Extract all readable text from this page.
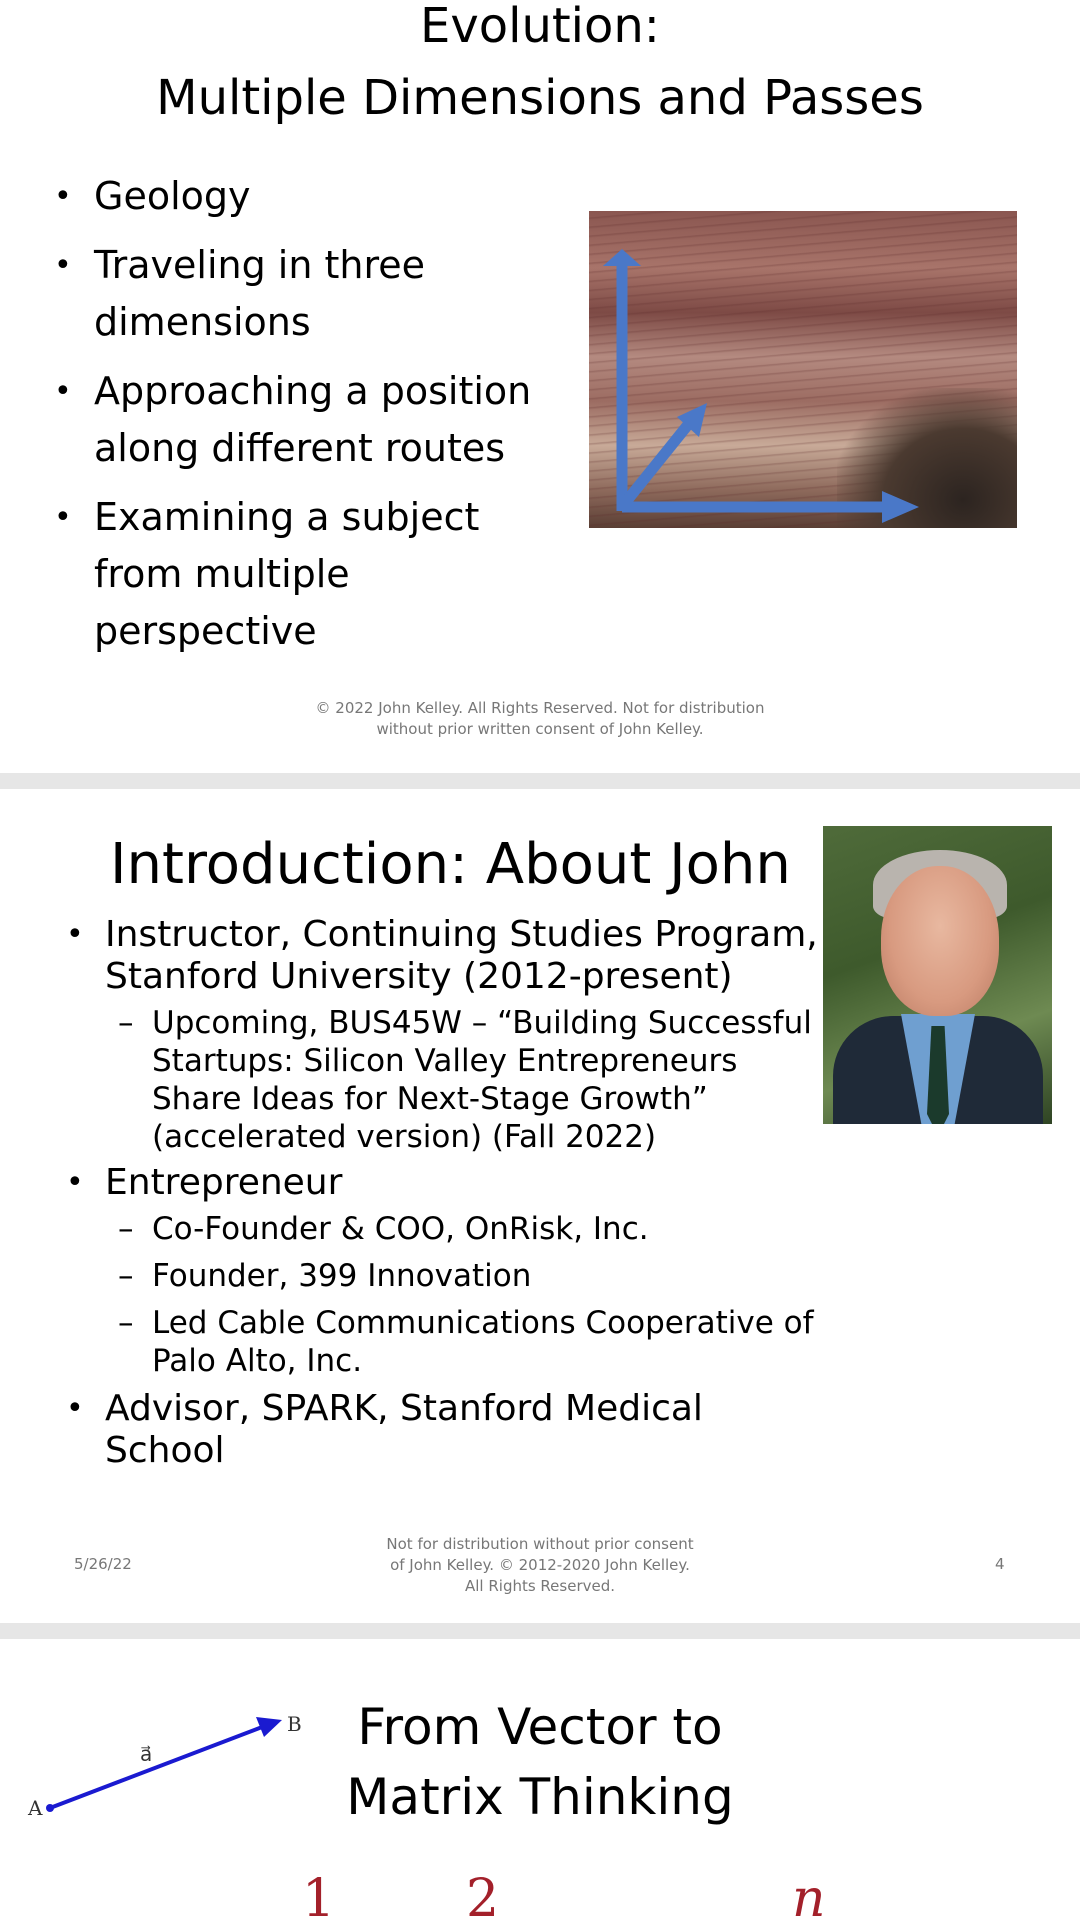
Evolution:
Multiple Dimensions and Passes
• Geology
• Traveling in three
dimensions
• Approaching a position
along different routes
• Examining a subject
from multiple
perspective
© 2022 John Kelley. All Rights Reserved. Not for distribution
without prior written consent of John Kelley.
Introduction: About John
• Instructor, Continuing Studies Program,
Stanford University (2012-present)
– Upcoming, BUS45W – “Building Successful
Startups: Silicon Valley Entrepreneurs
Share Ideas for Next-Stage Growth”
(accelerated version) (Fall 2022)
• Entrepreneur
– Co-Founder & COO, OnRisk, Inc.
– Founder, 399 Innovation
– Led Cable Communications Cooperative of
Palo Alto, Inc.
• Advisor, SPARK, Stanford Medical
School
5/26/22
Not for distribution without prior consent
of John Kelley. © 2012-2020 John Kelley.
All Rights Reserved.
4
A
B
a⃗	From Vector to
Matrix Thinking
1	2	n
